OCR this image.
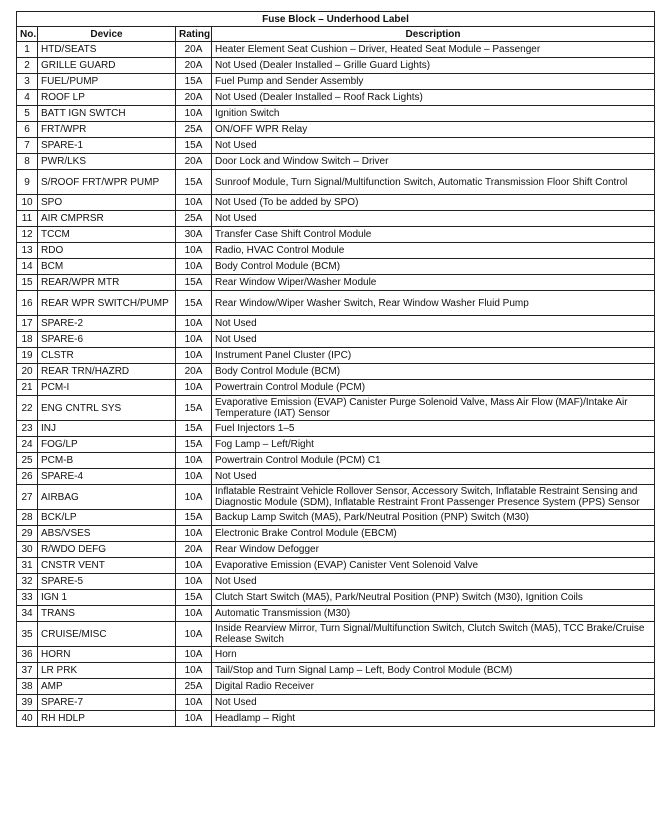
Fuse Block – Underhood Label			
No.	Device	Rating	Description
1	HTD/SEATS	20A	Heater Element Seat Cushion – Driver, Heated Seat Module – Passenger

2	GRILLE GUARD	20A	Not Used (Dealer Installed – Grille Guard Lights)

3	FUEL/PUMP	15A	Fuel Pump and Sender Assembly

4	ROOF LP	20A	Not Used (Dealer Installed – Roof Rack Lights)

5	BATT IGN SWTCH	10A	Ignition Switch

6	FRT/WPR	25A	ON/OFF WPR Relay

7	SPARE-1	15A	Not Used

8	PWR/LKS	20A	Door Lock and Window Switch – Driver

9	S/ROOF FRT/WPR PUMP	15A	Sunroof Module, Turn Signal/Multifunction Switch, Automatic Transmission Floor Shift Control

10	SPO	10A	Not Used (To be added by SPO)

11	AIR CMPRSR	25A	Not Used

12	TCCM	30A	Transfer Case Shift Control Module

13	RDO	10A	Radio, HVAC Control Module

14	BCM	10A	Body Control Module (BCM)

15	REAR/WPR MTR	15A	Rear Window Wiper/Washer Module

16	REAR WPR SWITCH/PUMP	15A	Rear Window/Wiper Washer Switch, Rear Window Washer Fluid Pump

17	SPARE-2	10A	Not Used

18	SPARE-6	10A	Not Used

19	CLSTR	10A	Instrument Panel Cluster (IPC)

20	REAR TRN/HAZRD	20A	Body Control Module (BCM)

21	PCM-I	10A	Powertrain Control Module (PCM)

22	ENG CNTRL SYS	15A	Evaporative Emission (EVAP) Canister Purge Solenoid Valve, Mass Air Flow (MAF)/Intake Air Temperature (IAT) Sensor

23	INJ	15A	Fuel Injectors 1–5

24	FOG/LP	15A	Fog Lamp – Left/Right

25	PCM-B	10A	Powertrain Control Module (PCM) C1

26	SPARE-4	10A	Not Used

27	AIRBAG	10A	Inflatable Restraint Vehicle Rollover Sensor, Accessory Switch, Inflatable Restraint Sensing and Diagnostic Module (SDM), Inflatable Restraint Front Passenger Presence System (PPS) Sensor

28	BCK/LP	15A	Backup Lamp Switch (MA5), Park/Neutral Position (PNP) Switch (M30)

29	ABS/VSES	10A	Electronic Brake Control Module (EBCM)

30	R/WDO DEFG	20A	Rear Window Defogger

31	CNSTR VENT	10A	Evaporative Emission (EVAP) Canister Vent Solenoid Valve

32	SPARE-5	10A	Not Used

33	IGN 1	15A	Clutch Start Switch (MA5), Park/Neutral Position (PNP) Switch (M30), Ignition Coils

34	TRANS	10A	Automatic Transmission (M30)

35	CRUISE/MISC	10A	Inside Rearview Mirror, Turn Signal/Multifunction Switch, Clutch Switch (MA5), TCC Brake/Cruise Release Switch

36	HORN	10A	Horn

37	LR PRK	10A	Tail/Stop and Turn Signal Lamp – Left, Body Control Module (BCM)

38	AMP	25A	Digital Radio Receiver

39	SPARE-7	10A	Not Used

40	RH HDLP	10A	Headlamp – Right
